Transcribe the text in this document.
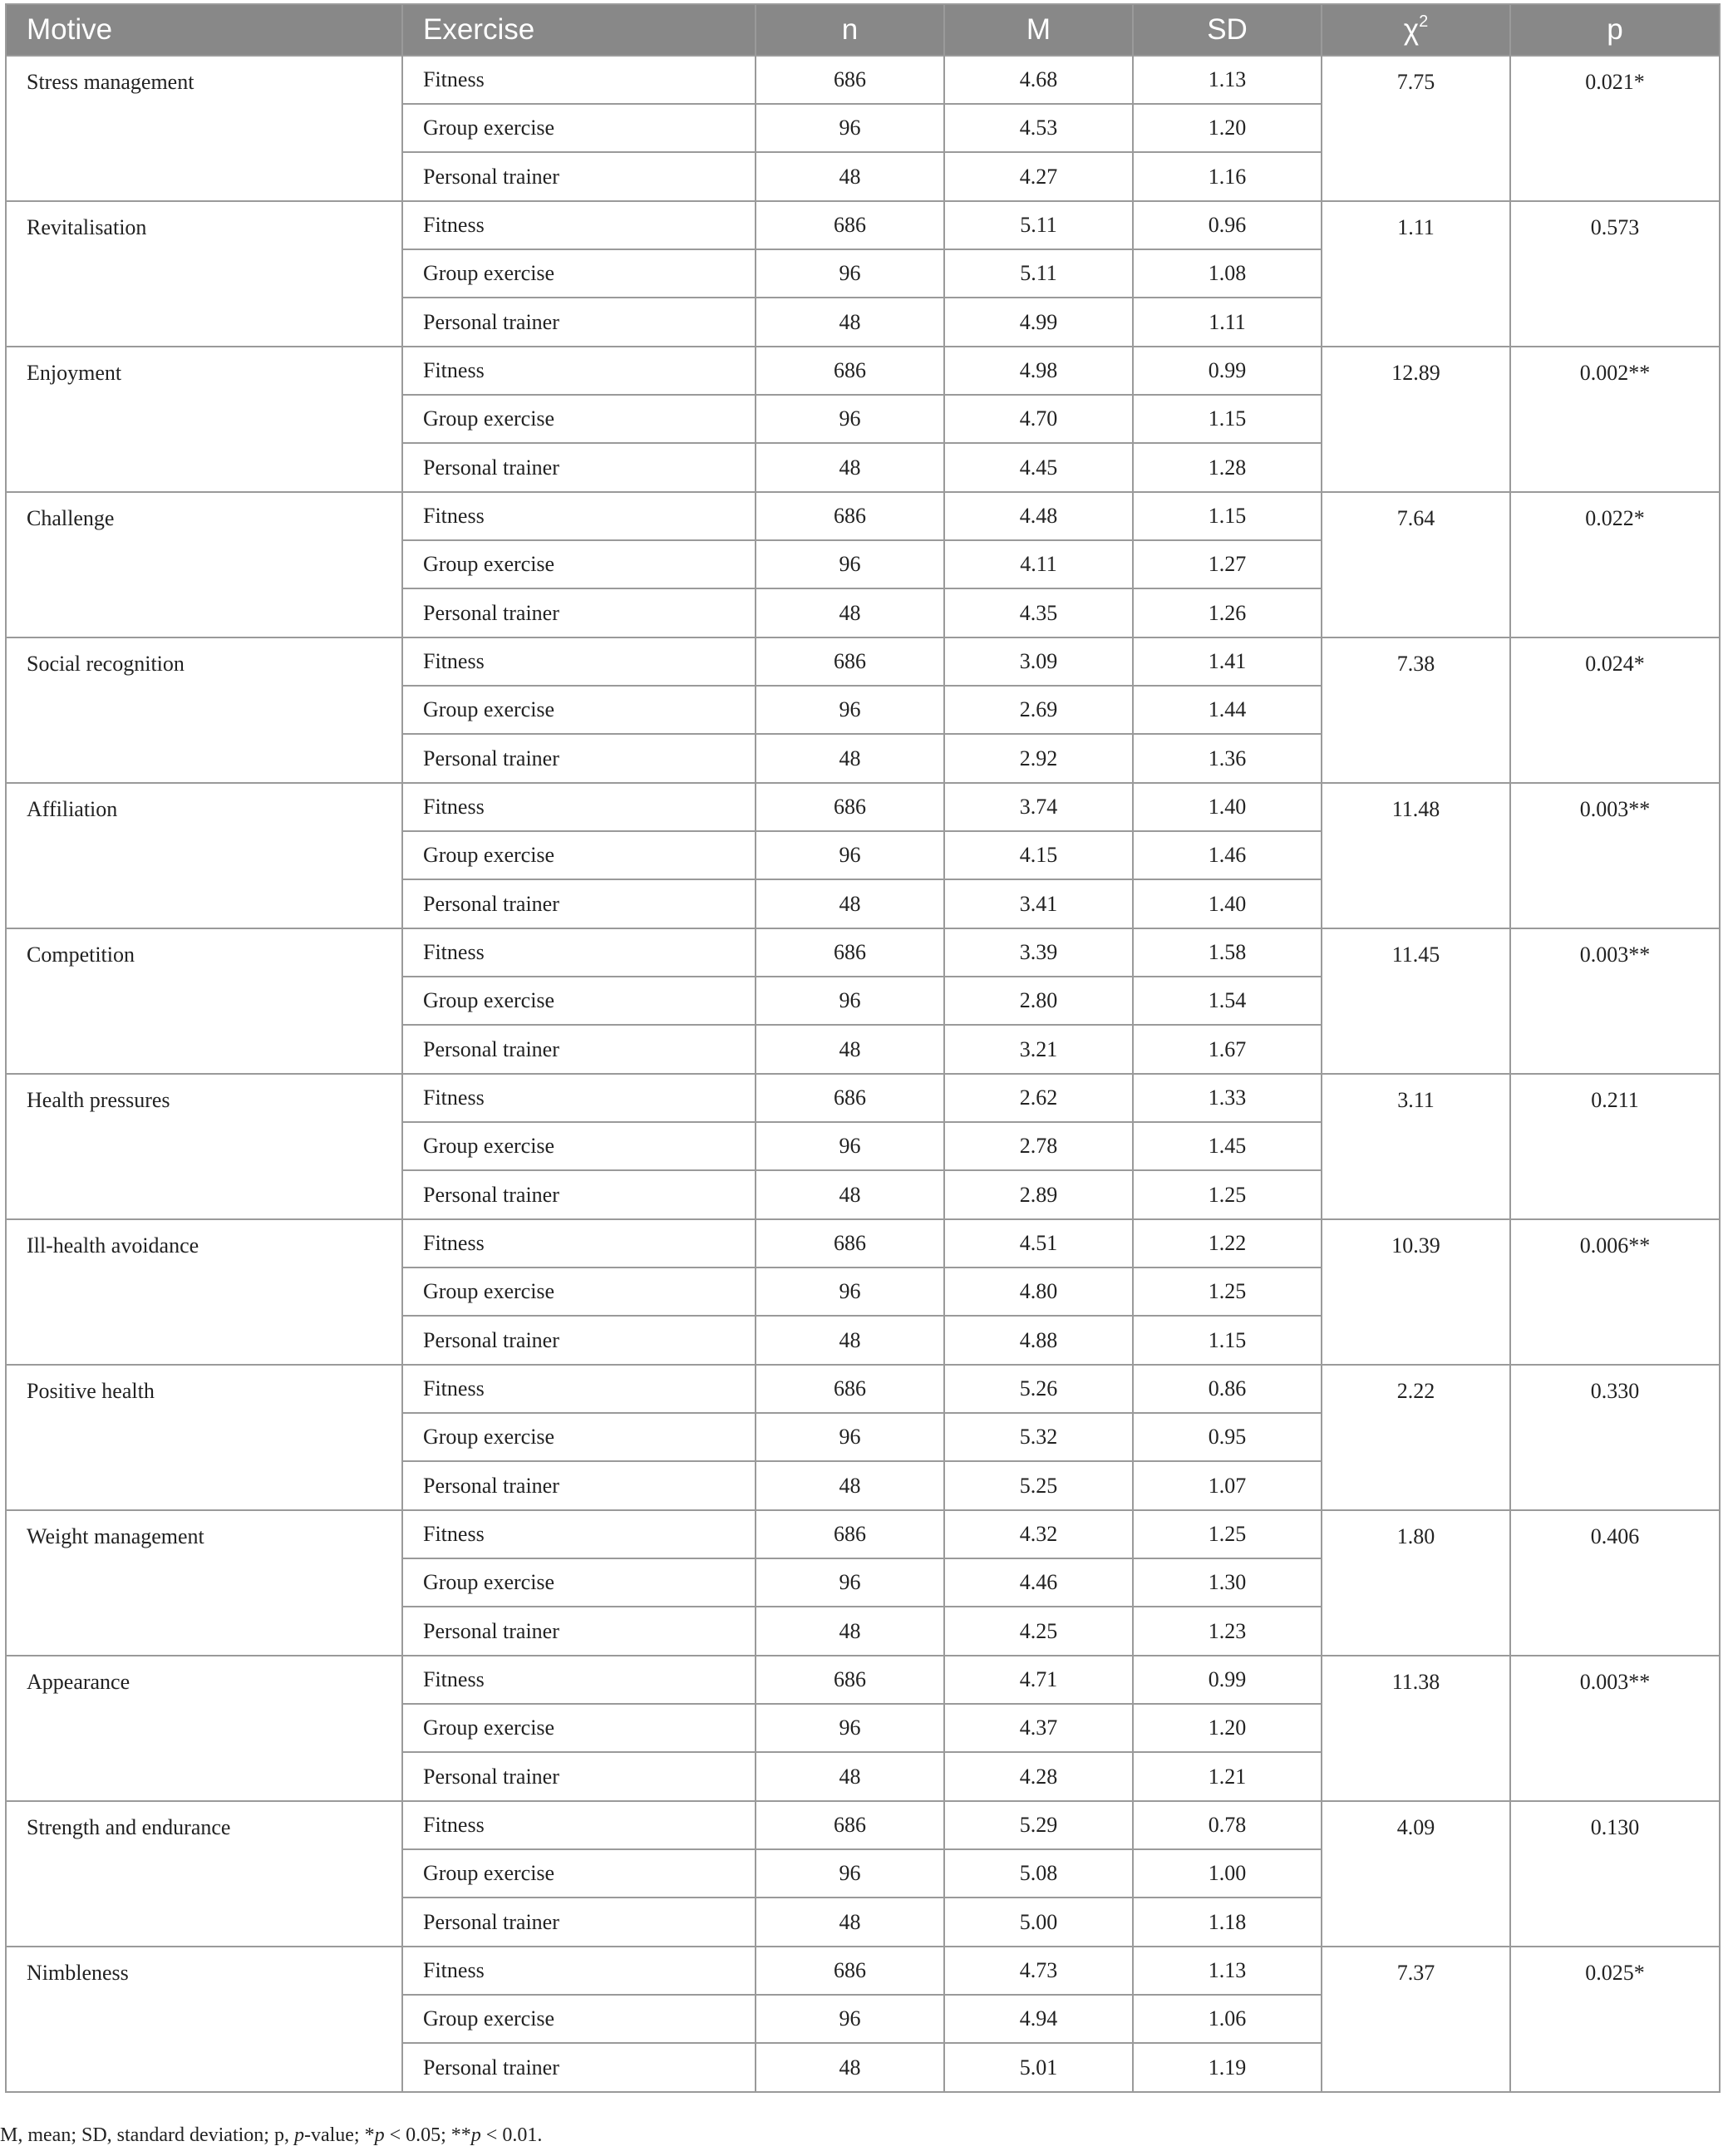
Motive	Exercise	n	M	SD	$\chi^2$	p
Stress management	Fitness	686	4.68	1.13	7.75	0.021*
	Group exercise	96	4.53	1.20		
	Personal trainer	48	4.27	1.16		
Revitalisation	Fitness	686	5.11	0.96	1.11	0.573
	Group exercise	96	5.11	1.08		
	Personal trainer	48	4.99	1.11		
Enjoyment	Fitness	686	4.98	0.99	12.89	0.002**
	Group exercise	96	4.70	1.15		
	Personal trainer	48	4.45	1.28		
Challenge	Fitness	686	4.48	1.15	7.64	0.022*
	Group exercise	96	4.11	1.27		
	Personal trainer	48	4.35	1.26		
Social recognition	Fitness	686	3.09	1.41	7.38	0.024*
	Group exercise	96	2.69	1.44		
	Personal trainer	48	2.92	1.36		
Affiliation	Fitness	686	3.74	1.40	11.48	0.003**
	Group exercise	96	4.15	1.46		
	Personal trainer	48	3.41	1.40		
Competition	Fitness	686	3.39	1.58	11.45	0.003**
	Group exercise	96	2.80	1.54		
	Personal trainer	48	3.21	1.67		
Health pressures	Fitness	686	2.62	1.33	3.11	0.211
	Group exercise	96	2.78	1.45		
	Personal trainer	48	2.89	1.25		
Ill-health avoidance	Fitness	686	4.51	1.22	10.39	0.006**
	Group exercise	96	4.80	1.25		
	Personal trainer	48	4.88	1.15		
Positive health	Fitness	686	5.26	0.86	2.22	0.330
	Group exercise	96	5.32	0.95		
	Personal trainer	48	5.25	1.07		
Weight management	Fitness	686	4.32	1.25	1.80	0.406
	Group exercise	96	4.46	1.30		
	Personal trainer	48	4.25	1.23		
Appearance	Fitness	686	4.71	0.99	11.38	0.003**
	Group exercise	96	4.37	1.20		
	Personal trainer	48	4.28	1.21		
Strength and endurance	Fitness	686	5.29	0.78	4.09	0.130
	Group exercise	96	5.08	1.00		
	Personal trainer	48	5.00	1.18		
Nimbleness	Fitness	686	4.73	1.13	7.37	0.025*
	Group exercise	96	4.94	1.06		
	Personal trainer	48	5.01	1.19		
M, mean; SD, standard deviation; p, p-value; *p < 0.05; **p < 0.01.
